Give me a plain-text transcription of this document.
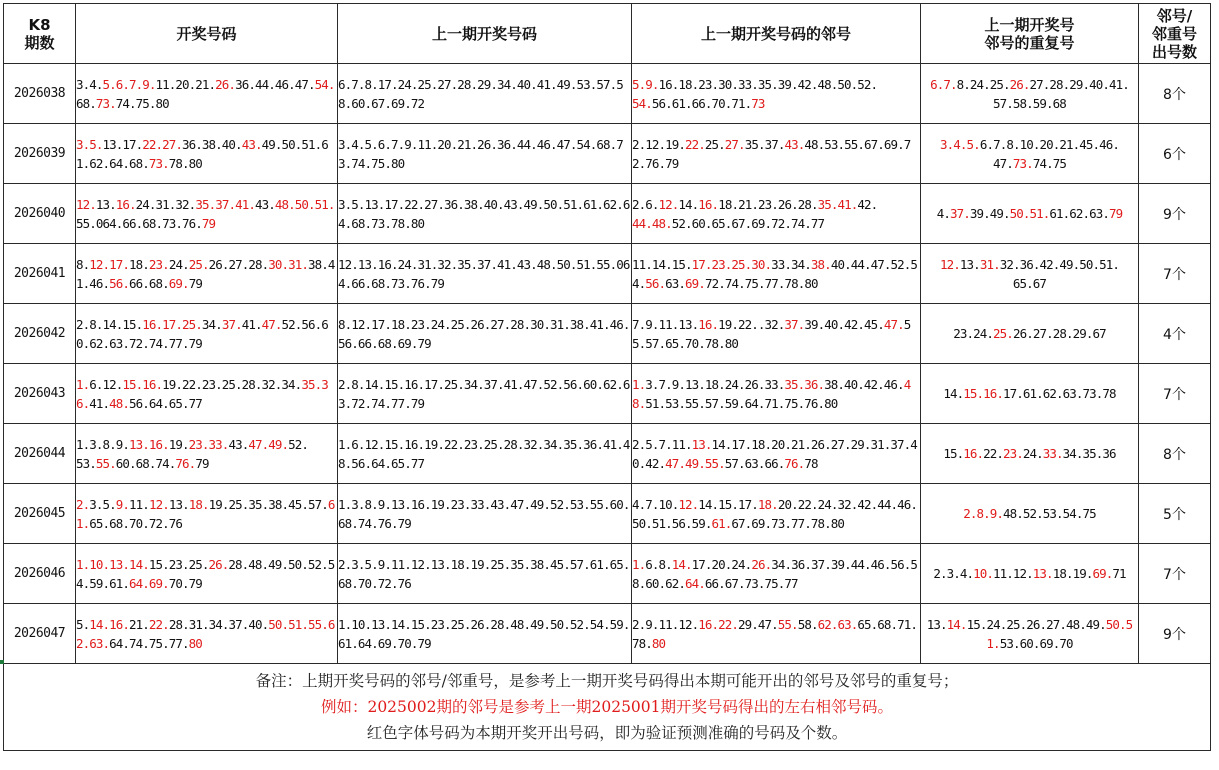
K8
期数	开奖号码	上一期开奖号码	上一期开奖号码的邻号	上一期开奖号
邻号的重复号	邻号/
邻重号
出号数
2026038	3.4.5.6.7.9.11.20.21.26.36.44.46.47.54.68.73.74.75.80	6.7.8.17.24.25.27.28.29.34.40.41.49.53.57.58.60.67.69.72	5.9.16.18.23.30.33.35.39.42.48.50.52.
54.56.61.66.70.71.73	6.7.8.24.25.26.27.28.29.40.41.
57.58.59.68	8个
2026039	3.5.13.17.22.27.36.38.40.43.49.50.51.61.62.64.68.73.78.80	3.4.5.6.7.9.11.20.21.26.36.44.46.47.54.68.73.74.75.80	2.12.19.22.25.27.35.37.43.48.53.55.67.69.72.76.79	3.4.5.6.7.8.10.20.21.45.46.
47.73.74.75	6个
2026040	12.13.16.24.31.32.35.37.41.43.48.50.51.55.064.66.68.73.76.79	3.5.13.17.22.27.36.38.40.43.49.50.51.61.62.64.68.73.78.80	2.6.12.14.16.18.21.23.26.28.35.41.42.
44.48.52.60.65.67.69.72.74.77	4.37.39.49.50.51.61.62.63.79	9个
2026041	8.12.17.18.23.24.25.26.27.28.30.31.38.41.46.56.66.68.69.79	12.13.16.24.31.32.35.37.41.43.48.50.51.55.064.66.68.73.76.79	11.14.15.17.23.25.30.33.34.38.40.44.47.52.54.56.63.69.72.74.75.77.78.80	12.13.31.32.36.42.49.50.51.
65.67	7个
2026042	2.8.14.15.16.17.25.34.37.41.47.52.56.60.62.63.72.74.77.79	8.12.17.18.23.24.25.26.27.28.30.31.38.41.46.56.66.68.69.79	7.9.11.13.16.19.22..32.37.39.40.42.45.47.55.57.65.70.78.80	23.24.25.26.27.28.29.67	4个
2026043	1.6.12.15.16.19.22.23.25.28.32.34.35.36.41.48.56.64.65.77	2.8.14.15.16.17.25.34.37.41.47.52.56.60.62.63.72.74.77.79	1.3.7.9.13.18.24.26.33.35.36.38.40.42.46.48.51.53.55.57.59.64.71.75.76.80	14.15.16.17.61.62.63.73.78	7个
2026044	1.3.8.9.13.16.19.23.33.43.47.49.52.
53.55.60.68.74.76.79	1.6.12.15.16.19.22.23.25.28.32.34.35.36.41.48.56.64.65.77	2.5.7.11.13.14.17.18.20.21.26.27.29.31.37.40.42.47.49.55.57.63.66.76.78	15.16.22.23.24.33.34.35.36	8个
2026045	2.3.5.9.11.12.13.18.19.25.35.38.45.57.61.65.68.70.72.76	1.3.8.9.13.16.19.23.33.43.47.49.52.53.55.60.68.74.76.79	4.7.10.12.14.15.17.18.20.22.24.32.42.44.46.50.51.56.59.61.67.69.73.77.78.80	2.8.9.48.52.53.54.75	5个
2026046	1.10.13.14.15.23.25.26.28.48.49.50.52.54.59.61.64.69.70.79	2.3.5.9.11.12.13.18.19.25.35.38.45.57.61.65.68.70.72.76	1.6.8.14.17.20.24.26.34.36.37.39.44.46.56.58.60.62.64.66.67.73.75.77	2.3.4.10.11.12.13.18.19.69.71	7个
2026047	5.14.16.21.22.28.31.34.37.40.50.51.55.62.63.64.74.75.77.80	1.10.13.14.15.23.25.26.28.48.49.50.52.54.59.61.64.69.70.79	2.9.11.12.16.22.29.47.55.58.62.63.65.68.71.78.80	13.14.15.24.25.26.27.48.49.50.51.53.60.69.70	9个

备注：上期开奖号码的邻号/邻重号，是参考上一期开奖号码得出本期可能开出的邻号及邻号的重复号；
例如：2025002期的邻号是参考上一期2025001期开奖号码得出的左右相邻号码。
红色字体号码为本期开奖开出号码，即为验证预测准确的号码及个数。					
